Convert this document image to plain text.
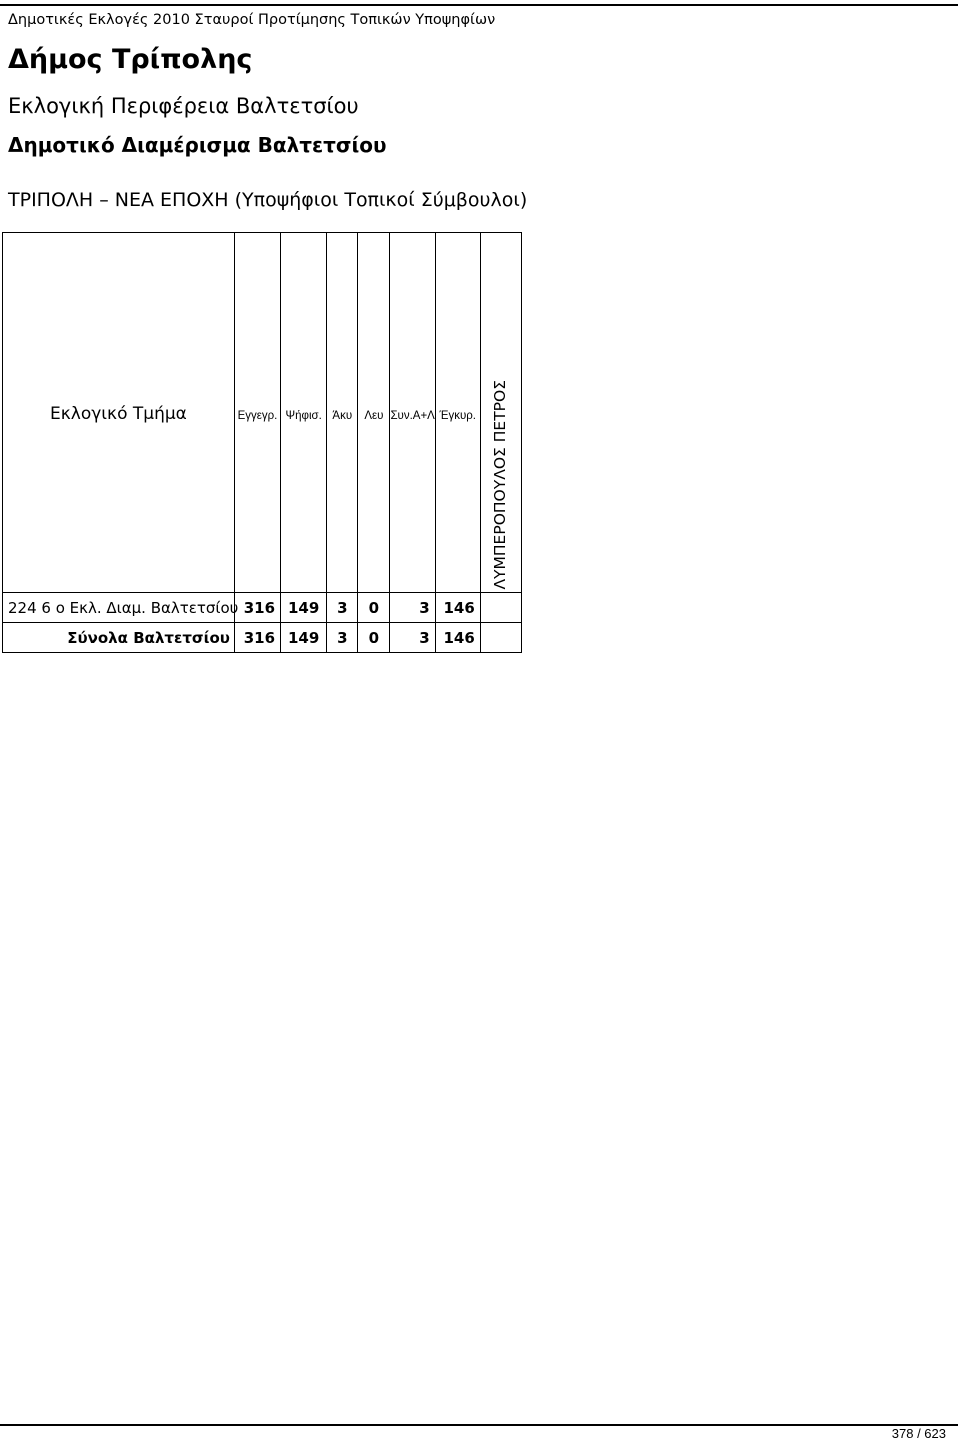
Δημοτικές Εκλογές 2010 Σταυροί Προτίμησης Τοπικών Υποψηφίων
Δήμος Τρίπολης
Εκλογική Περιφέρεια Βαλτετσίου
Δημοτικό Διαμέρισμα Βαλτετσίου
ΤΡΙΠΟΛΗ – ΝΕΑ ΕΠΟΧΗ (Υποψήφιοι Τοπικοί Σύμβουλοι)
Εκλογικό Τμήμα	Εγγεγρ.	Ψήφισ.	Άκυ	Λευ	Συν.Α+Λ	Έγκυρ.	ΛΥΜΠΕΡΟΠΟΥΛΟΣ ΠΕΤΡΟΣ

224 6 ο Εκλ. Διαμ. Βαλτετσίου	316	149	3	0	3	146	
Σύνολα Βαλτετσίου	316	149	3	0	3	146	
378 / 623
